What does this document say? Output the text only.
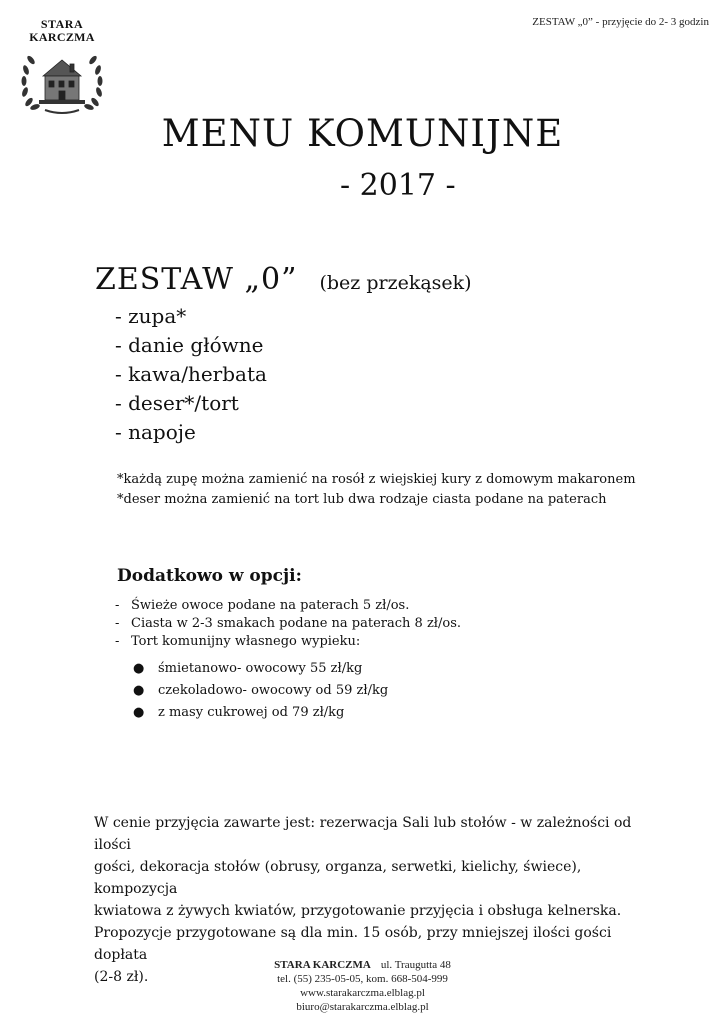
ZESTAW „0” - przyjęcie do 2- 3 godzin
STARA
KARCZMA
MENU KOMUNIJNE
- 2017 -
ZESTAW „0” (bez przekąsek)
- zupa*
- danie główne
- kawa/herbata
- deser*/tort
- napoje
*każdą zupę można zamienić na rosół z wiejskiej kury z domowym makaronem
*deser można zamienić na tort lub dwa rodzaje ciasta podane na paterach
Dodatkowo w opcji:
- Świeże owoce podane na paterach 5 zł/os.
- Ciasta w 2-3 smakach podane na paterach 8 zł/os.
- Tort komunijny własnego wypieku:
● śmietanowo- owocowy 55 zł/kg
● czekoladowo- owocowy od 59 zł/kg
● z masy cukrowej od 79 zł/kg
W cenie przyjęcia zawarte jest: rezerwacja Sali lub stołów - w zależności od ilości
gości, dekoracja stołów (obrusy, organza, serwetki, kielichy, świece), kompozycja
kwiatowa z żywych kwiatów, przygotowanie przyjęcia i obsługa kelnerska.
Propozycje przygotowane są dla min. 15 osób, przy mniejszej ilości gości dopłata
(2-8 zł).
STARA KARCZMA ul. Traugutta 48
tel. (55) 235-05-05, kom. 668-504-999
www.starakarczma.elblag.pl
biuro@starakarczma.elblag.pl
